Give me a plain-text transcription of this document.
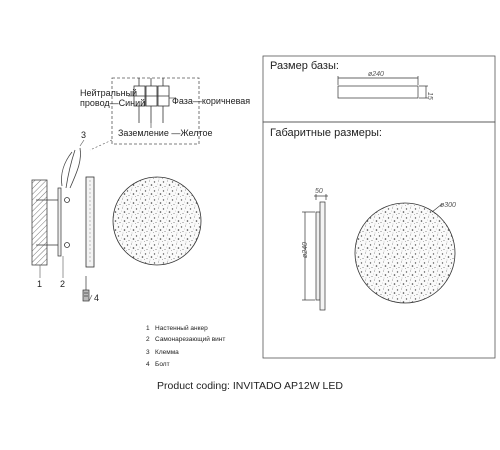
Нейтральный
провод—Синий	Фаза—коричневая
Заземление —Желтое
1 2
3
4
1 Настенный анкер
2 Самонарезающий винт
3 Клемма
4 Болт
ø240
15
50
ø240
ø300
Размер базы:
Габаритные размеры:
Product coding: INVITADO AP12W LED
